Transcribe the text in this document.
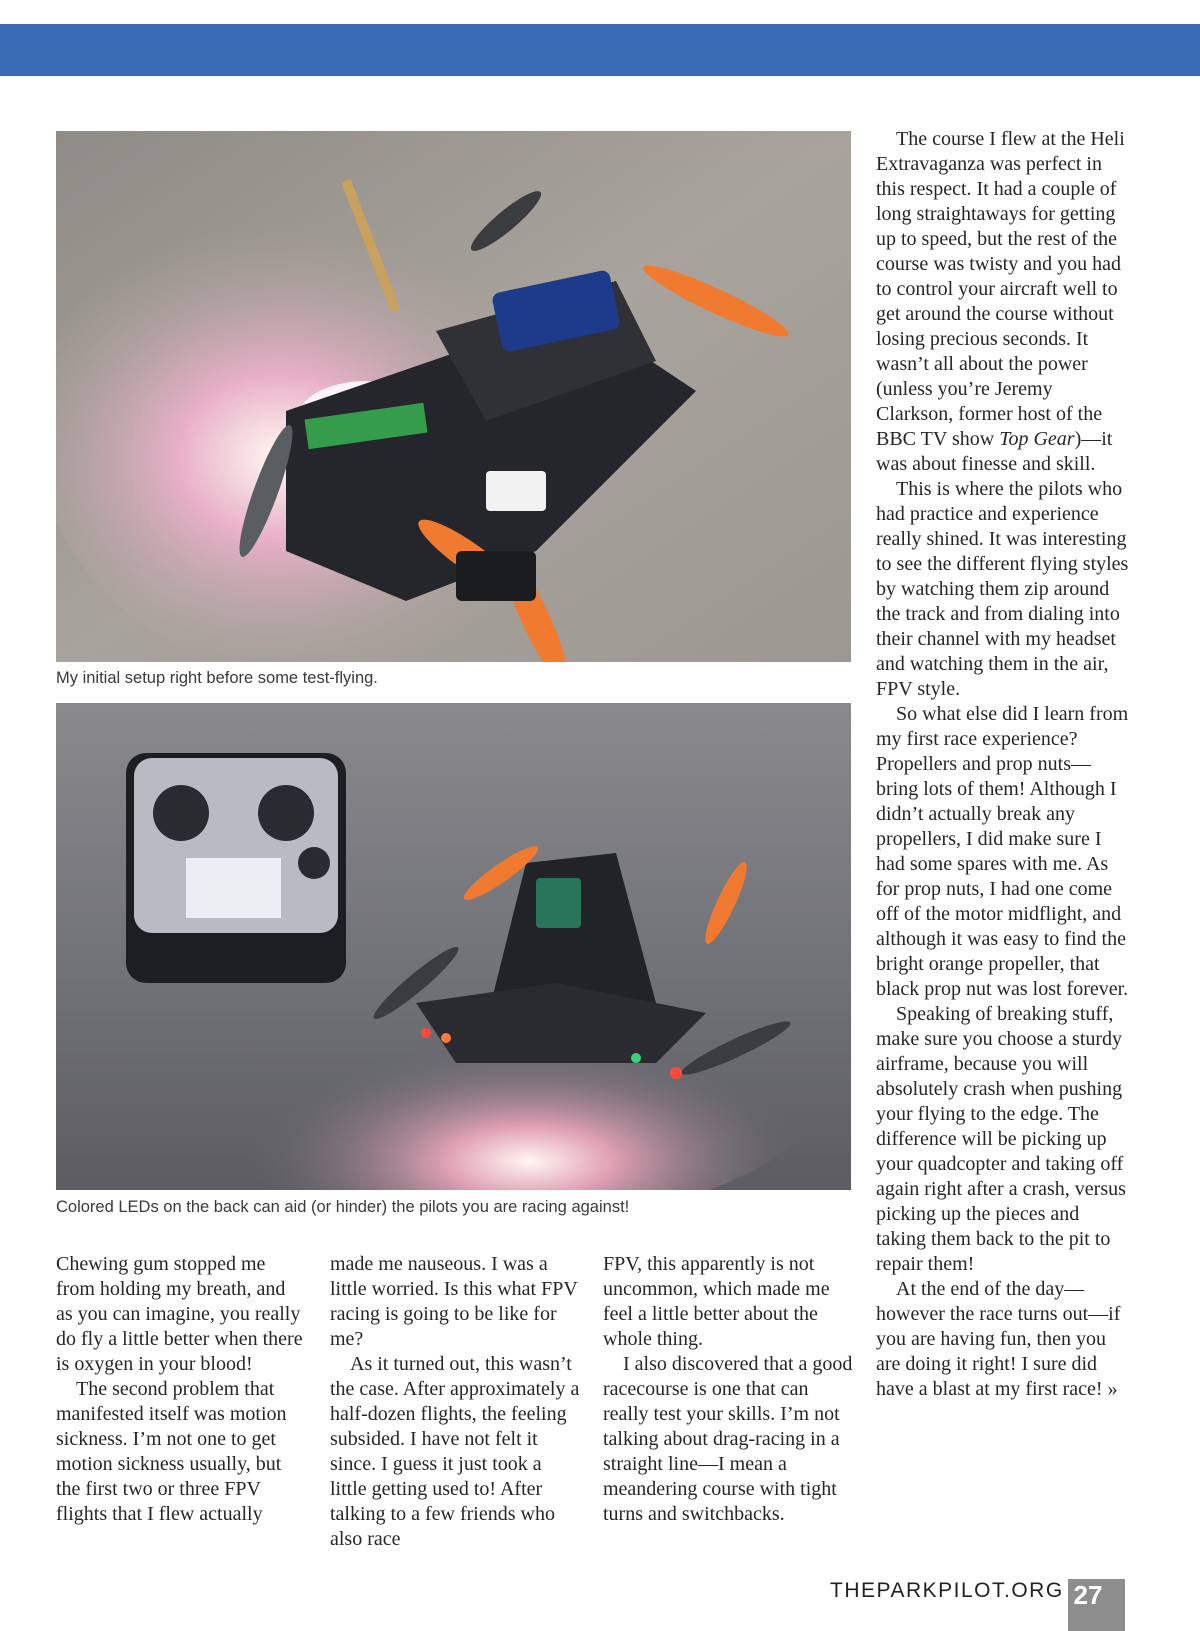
My initial setup right before some test-flying.
Colored LEDs on the back can aid (or hinder) the pilots you are racing against!

Chewing gum stopped me from holding my breath, and as you can imagine, you really do fly a little better when there is oxygen in your blood!

The second problem that manifested itself was motion sickness. I’m not one to get motion sickness usually, but the first two or three FPV flights that I flew actually

made me nauseous. I was a little worried. Is this what FPV racing is going to be like for me?

As it turned out, this wasn’t the case. After approximately a half-dozen flights, the feeling subsided. I have not felt it since. I guess it just took a little getting used to! After talking to a few friends who also race

FPV, this apparently is not uncommon, which made me feel a little better about the whole thing.

I also discovered that a good racecourse is one that can really test your skills. I’m not talking about drag-racing in a straight line—I mean a meandering course with tight turns and switchbacks.

The course I flew at the Heli Extravaganza was perfect in this respect. It had a couple of long straightaways for getting up to speed, but the rest of the course was twisty and you had to control your aircraft well to get around the course without losing precious seconds. It wasn’t all about the power (unless you’re Jeremy Clarkson, former host of the BBC TV show Top Gear)—it was about finesse and skill.

This is where the pilots who had practice and experience really shined. It was interesting to see the different flying styles by watching them zip around the track and from dialing into their channel with my headset and watching them in the air, FPV style.

So what else did I learn from my first race experience? Propellers and prop nuts—bring lots of them! Although I didn’t actually break any propellers, I did make sure I had some spares with me. As for prop nuts, I had one come off of the motor midflight, and although it was easy to find the bright orange propeller, that black prop nut was lost forever.

Speaking of breaking stuff, make sure you choose a sturdy airframe, because you will absolutely crash when pushing your flying to the edge. The difference will be picking up your quadcopter and taking off again right after a crash, versus picking up the pieces and taking them back to the pit to repair them!

At the end of the day—however the race turns out—if you are having fun, then you are doing it right! I sure did have a blast at my first race! »

THEPARKPILOT.ORG 27
